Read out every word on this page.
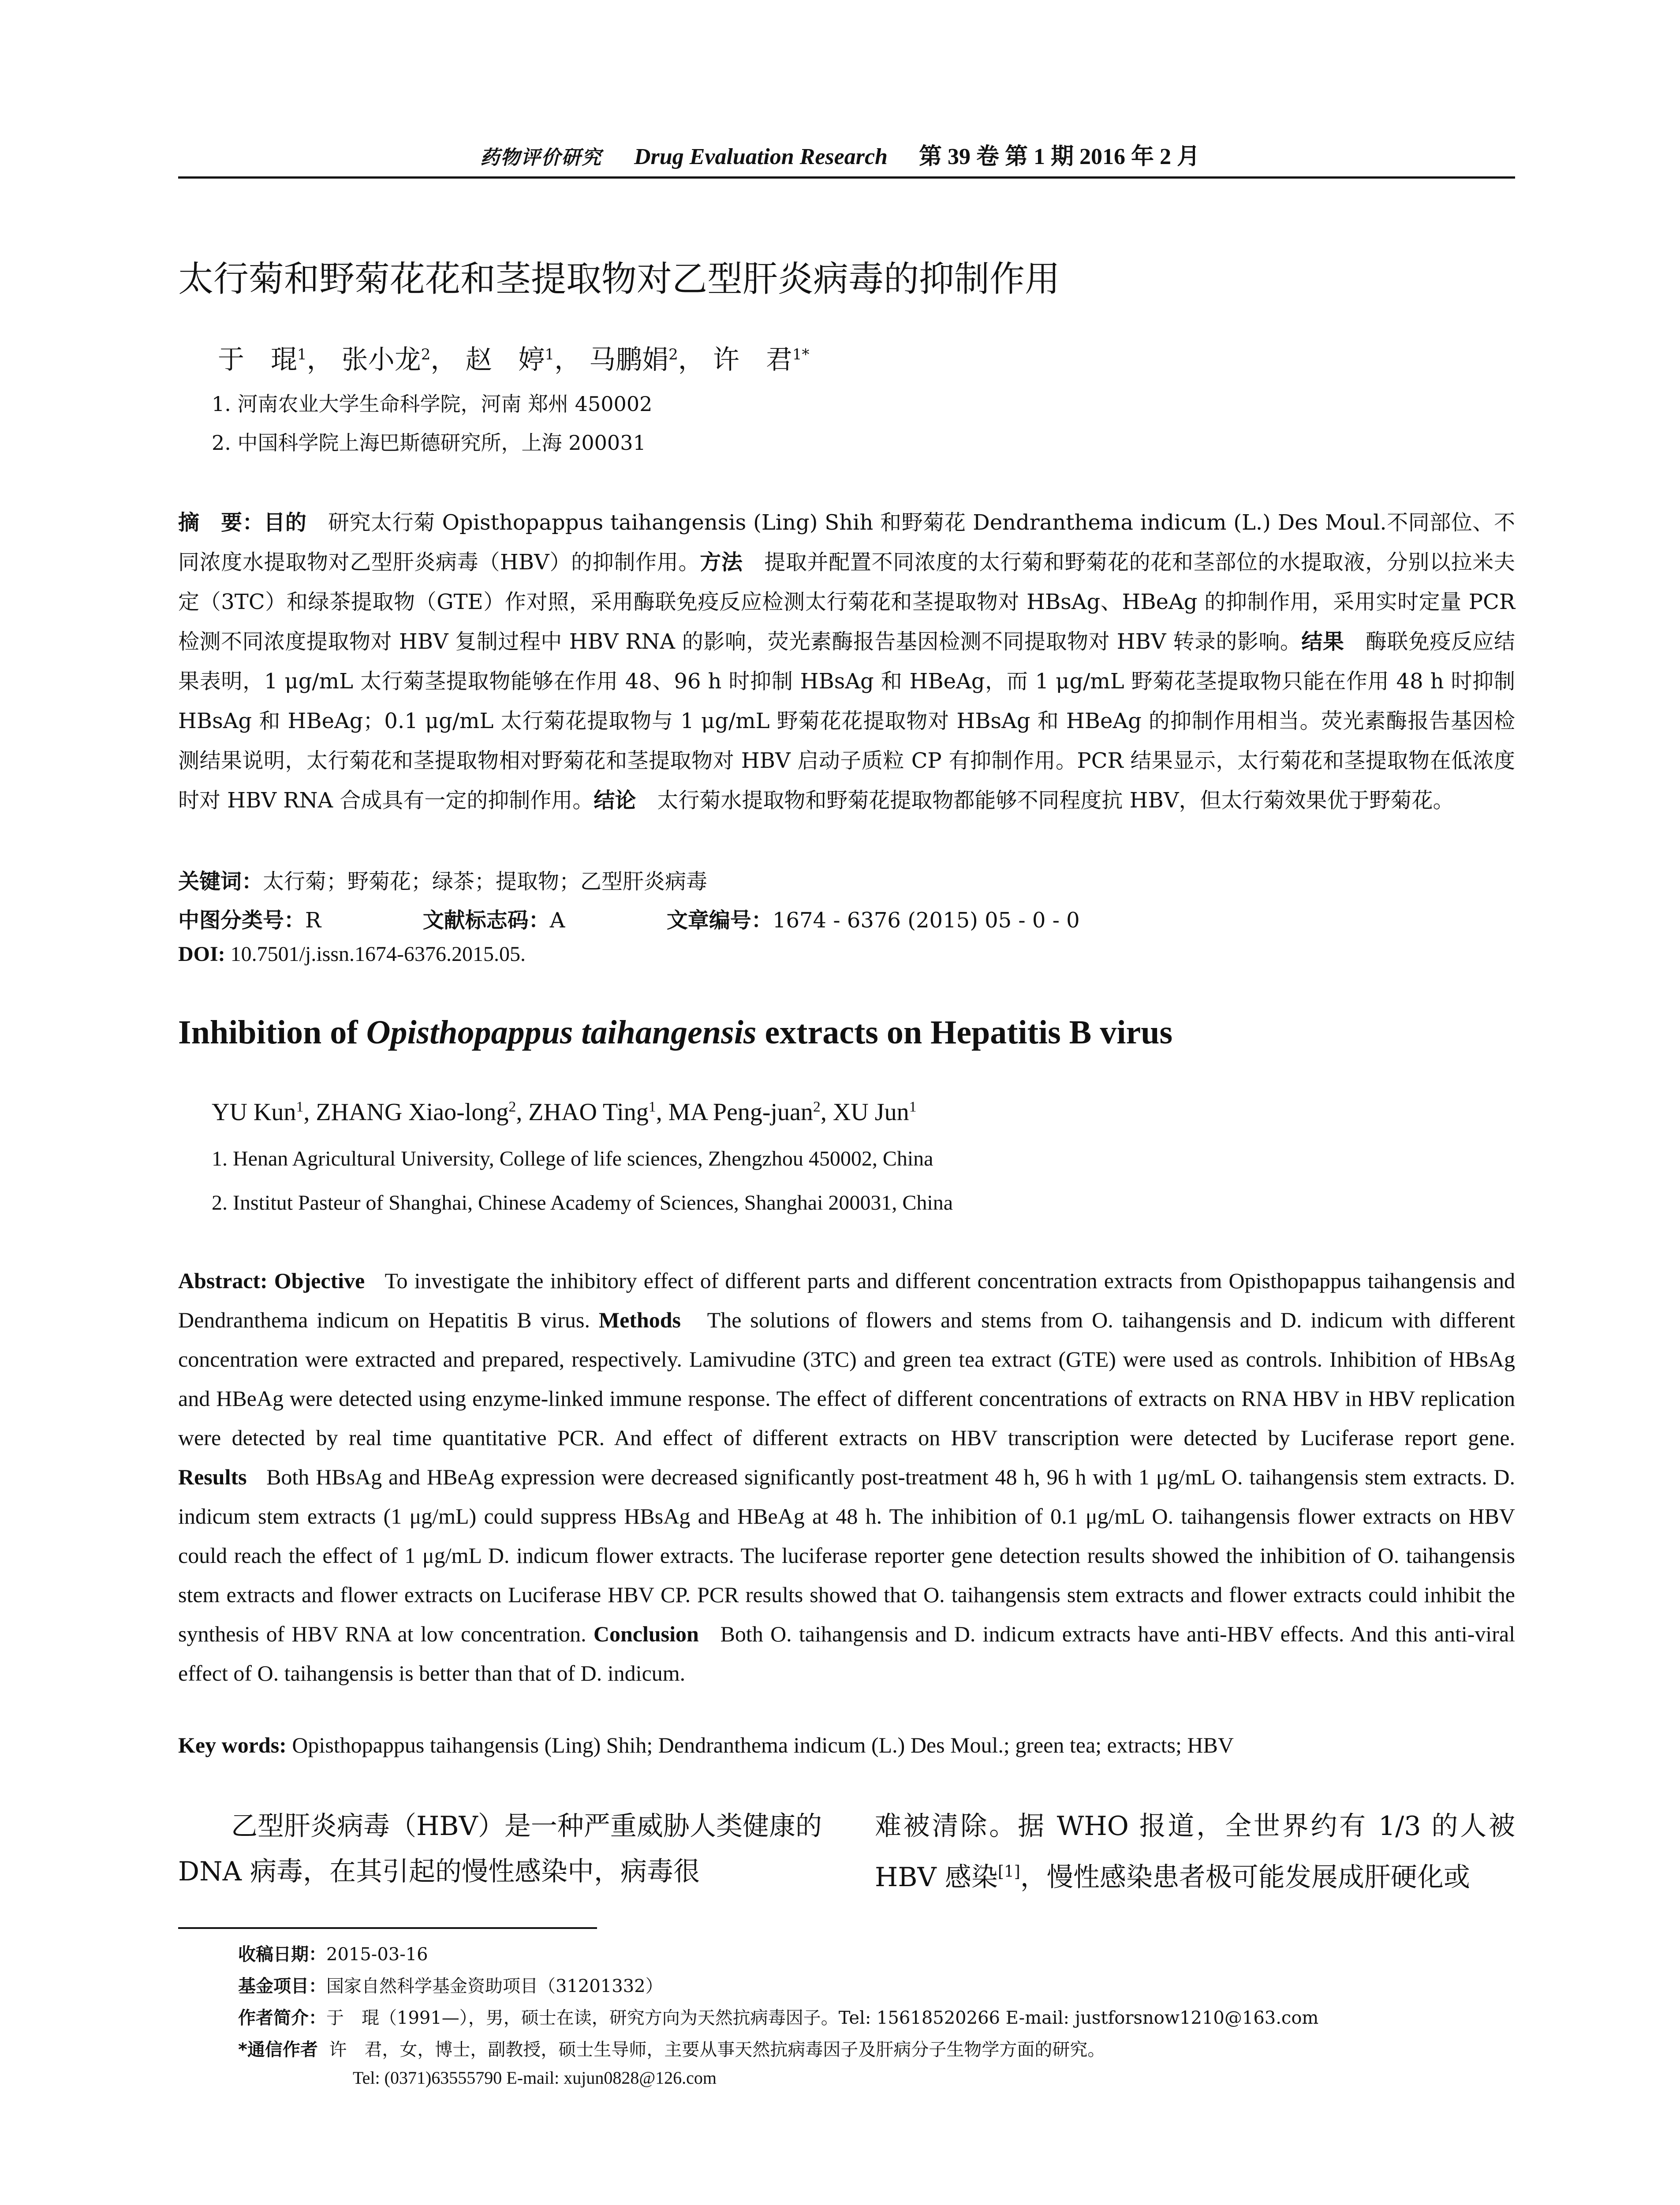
药物评价研究 Drug Evaluation Research 第 39 卷 第 1 期 2016 年 2 月
太行菊和野菊花花和茎提取物对乙型肝炎病毒的抑制作用
于　琨$^1$， 张小龙$^2$， 赵　婷$^1$， 马鹏娟$^2$， 许　君$^{1*}$
1. 河南农业大学生命科学院，河南 郑州 450002
2. 中国科学院上海巴斯德研究所，上海 200031
摘　要：目的　 研究太行菊 Opisthopappus taihangensis (Ling) Shih 和野菊花 Dendranthema indicum (L.) Des Moul.不同部位、不同浓度水提取物对乙型肝炎病毒（HBV）的抑制作用。方法　 提取并配置不同浓度的太行菊和野菊花的花和茎部位的水提取液，分别以拉米夫定（3TC）和绿茶提取物（GTE）作对照，采用酶联免疫反应检测太行菊花和茎提取物对 HBsAg、HBeAg 的抑制作用，采用实时定量 PCR 检测不同浓度提取物对 HBV 复制过程中 HBV RNA 的影响，荧光素酶报告基因检测不同提取物对 HBV 转录的影响。结果　 酶联免疫反应结果表明，1 μg/mL 太行菊茎提取物能够在作用 48、96 h 时抑制 HBsAg 和 HBeAg，而 1 μg/mL 野菊花茎提取物只能在作用 48 h 时抑制 HBsAg 和 HBeAg；0.1 μg/mL 太行菊花提取物与 1 μg/mL 野菊花花提取物对 HBsAg 和 HBeAg 的抑制作用相当。荧光素酶报告基因检测结果说明，太行菊花和茎提取物相对野菊花和茎提取物对 HBV 启动子质粒 CP 有抑制作用。PCR 结果显示，太行菊花和茎提取物在低浓度时对 HBV RNA 合成具有一定的抑制作用。结论　 太行菊水提取物和野菊花提取物都能够不同程度抗 HBV，但太行菊效果优于野菊花。
关键词：太行菊；野菊花；绿茶；提取物；乙型肝炎病毒
中图分类号：R	文献标志码：A	文章编号：1674 - 6376 (2015) 05 - 0 - 0
DOI: 10.7501/j.issn.1674-6376.2015.05.
Inhibition of Opisthopappus taihangensis extracts on Hepatitis B virus
YU Kun$^1$, ZHANG Xiao-long$^2$, ZHAO Ting$^1$, MA Peng-juan$^2$, XU Jun$^1$
1. Henan Agricultural University, College of life sciences, Zhengzhou 450002, China
2. Institut Pasteur of Shanghai, Chinese Academy of Sciences, Shanghai 200031, China
Abstract: Objective To investigate the inhibitory effect of different parts and different concentration extracts from Opisthopappus taihangensis and Dendranthema indicum on Hepatitis B virus. Methods The solutions of flowers and stems from O. taihangensis and D. indicum with different concentration were extracted and prepared, respectively. Lamivudine (3TC) and green tea extract (GTE) were used as controls. Inhibition of HBsAg and HBeAg were detected using enzyme-linked immune response. The effect of different concentrations of extracts on RNA HBV in HBV replication were detected by real time quantitative PCR. And effect of different extracts on HBV transcription were detected by Luciferase report gene. Results Both HBsAg and HBeAg expression were decreased significantly post-treatment 48 h, 96 h with 1 μg/mL O. taihangensis stem extracts. D. indicum stem extracts (1 μg/mL) could suppress HBsAg and HBeAg at 48 h. The inhibition of 0.1 μg/mL O. taihangensis flower extracts on HBV could reach the effect of 1 μg/mL D. indicum flower extracts. The luciferase reporter gene detection results showed the inhibition of O. taihangensis stem extracts and flower extracts on Luciferase HBV CP. PCR results showed that O. taihangensis stem extracts and flower extracts could inhibit the synthesis of HBV RNA at low concentration. Conclusion Both O. taihangensis and D. indicum extracts have anti-HBV effects. And this anti-viral effect of O. taihangensis is better than that of D. indicum.
Key words: Opisthopappus taihangensis (Ling) Shih; Dendranthema indicum (L.) Des Moul.; green tea; extracts; HBV
乙型肝炎病毒（HBV）是一种严重威胁人类健康的 DNA 病毒，在其引起的慢性感染中，病毒很
难被清除。据 WHO 报道，全世界约有 1/3 的人被 HBV 感染[1]，慢性感染患者极可能发展成肝硬化或
收稿日期：2015-03-16
基金项目：国家自然科学基金资助项目（31201332）
作者简介：于　琨（1991—），男，硕士在读，研究方向为天然抗病毒因子。Tel: 15618520266 E-mail: justforsnow1210@163.com
*通信作者 许　君，女，博士，副教授，硕士生导师，主要从事天然抗病毒因子及肝病分子生物学方面的研究。
Tel: (0371)63555790 E-mail: xujun0828@126.com
